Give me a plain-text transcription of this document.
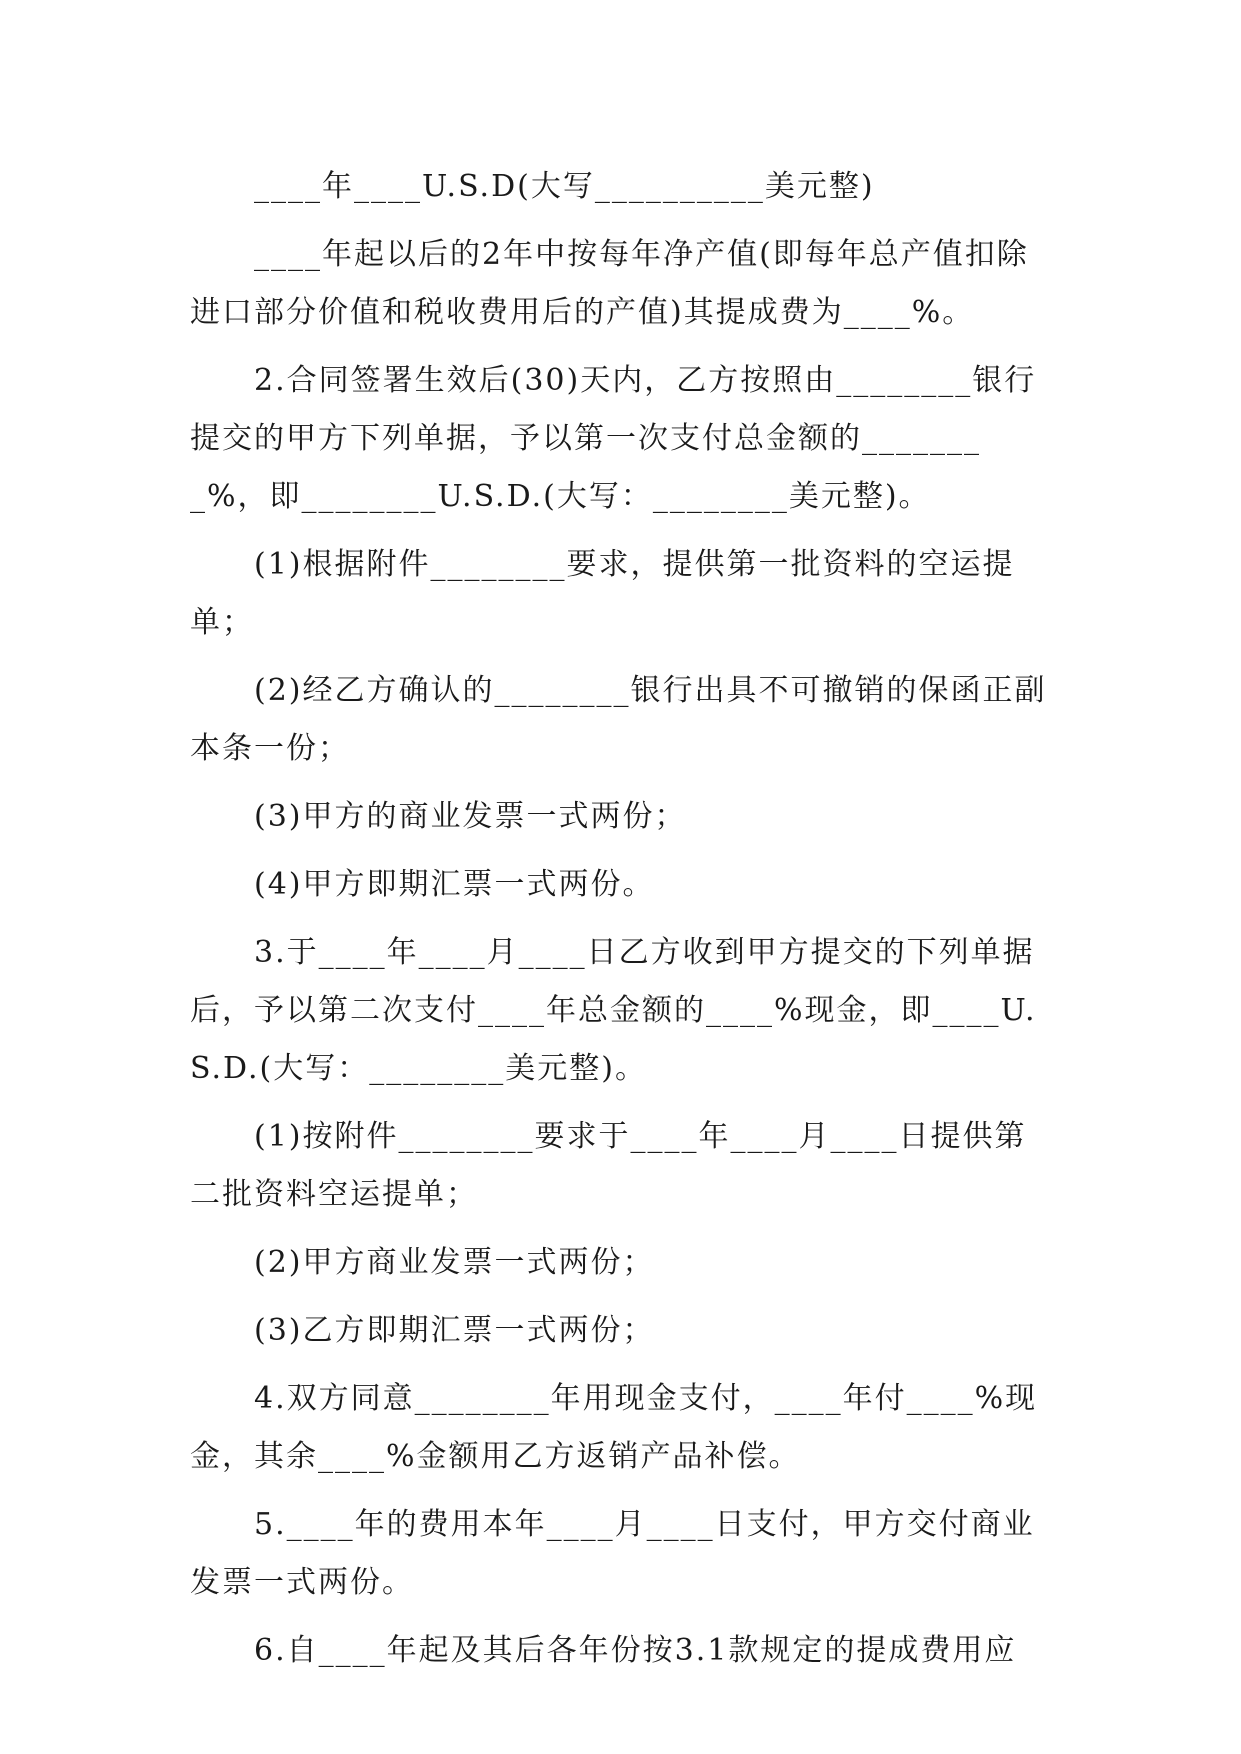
____年____U.S.D(大写__________美元整)

____年起以后的2年中按每年净产值(即每年总产值扣除进口部分价值和税收费用后的产值)其提成费为____%。

2.合同签署生效后(30)天内，乙方按照由________银行提交的甲方下列单据，予以第一次支付总金额的________%，即________U.S.D.(大写：________美元整)。

(1)根据附件________要求，提供第一批资料的空运提单；

(2)经乙方确认的________银行出具不可撤销的保函正副本条一份；

(3)甲方的商业发票一式两份；

(4)甲方即期汇票一式两份。

3.于____年____月____日乙方收到甲方提交的下列单据后，予以第二次支付____年总金额的____%现金，即____U.S.D.(大写：________美元整)。

(1)按附件________要求于____年____月____日提供第二批资料空运提单；

(2)甲方商业发票一式两份；

(3)乙方即期汇票一式两份；

4.双方同意________年用现金支付，____年付____%现金，其余____%金额用乙方返销产品补偿。

5.____年的费用本年____月____日支付，甲方交付商业发票一式两份。

6.自____年起及其后各年份按3.1款规定的提成费用应
